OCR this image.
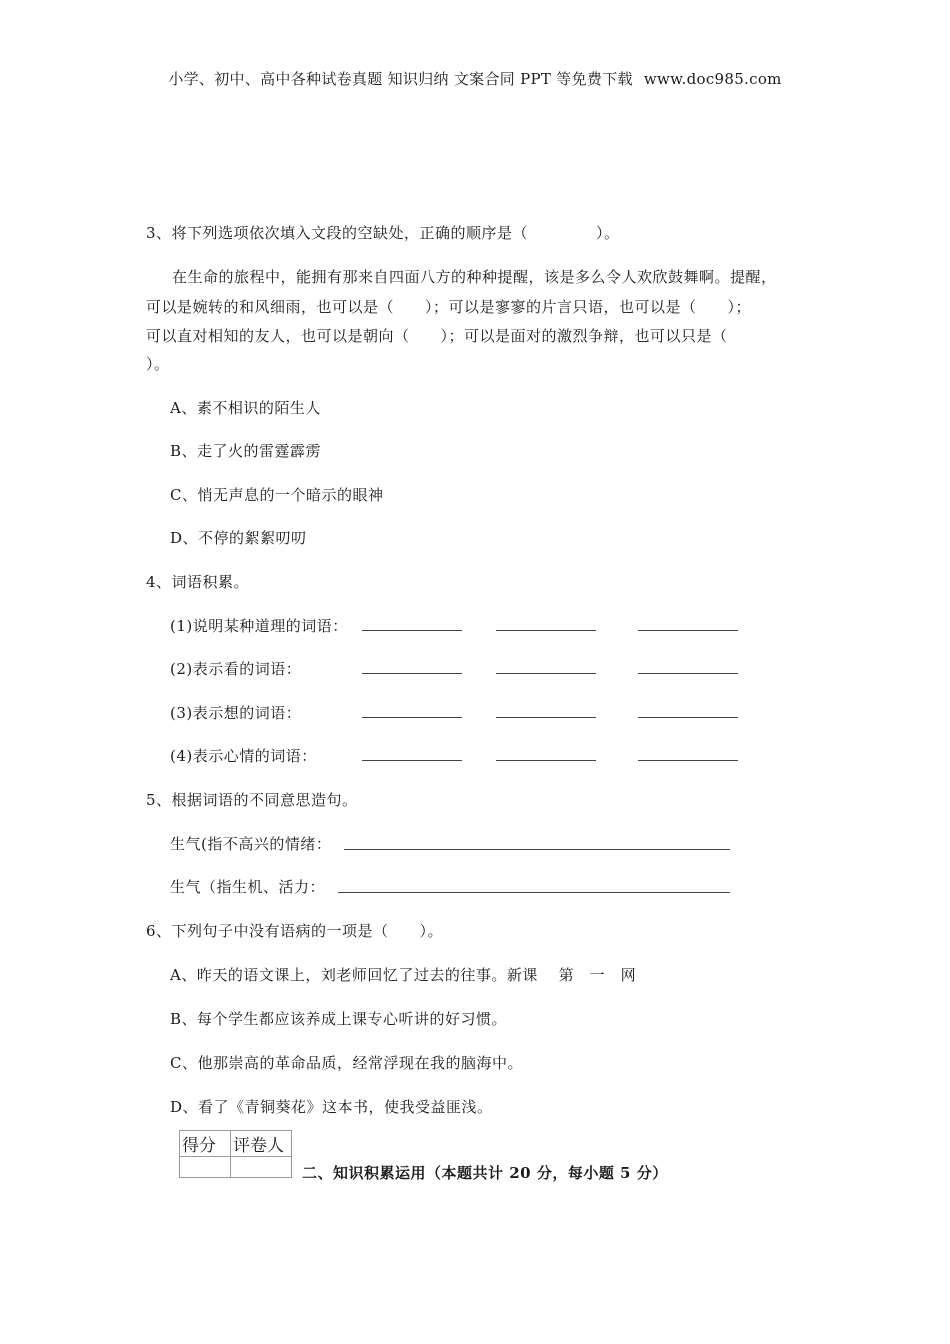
小学、初中、高中各种试卷真题 知识归纳 文案合同 PPT 等免费下载 www.doc985.com
3、将下列选项依次填入文段的空缺处，正确的顺序是（	）。
在生命的旅程中，能拥有那来自四面八方的种种提醒，该是多么令人欢欣鼓舞啊。提醒，
可以是婉转的和风细雨，也可以是（　　）；可以是寥寥的片言只语，也可以是（　　）；
可以直对相知的友人，也可以是朝向（　　）；可以是面对的激烈争辩，也可以只是（
）。
A、素不相识的陌生人
B、走了火的雷霆霹雳
C、悄无声息的一个暗示的眼神
D、不停的絮絮叨叨
4、词语积累。
(1)说明某种道理的词语：
(2)表示看的词语：
(3)表示想的词语：
(4)表示心情的词语：
5、根据词语的不同意思造句。
生气(指不高兴的情绪：
生气（指生机、活力：
6、下列句子中没有语病的一项是（　　）。
A、昨天的语文课上，刘老师回忆了过去的往事。新课　 第　一　网
B、每个学生都应该养成上课专心听讲的好习惯。
C、他那崇高的革命品质，经常浮现在我的脑海中。
D、看了《青铜葵花》这本书，使我受益匪浅。
得分	评卷人

二、知识积累运用（本题共计 20 分，每小题 5 分）
